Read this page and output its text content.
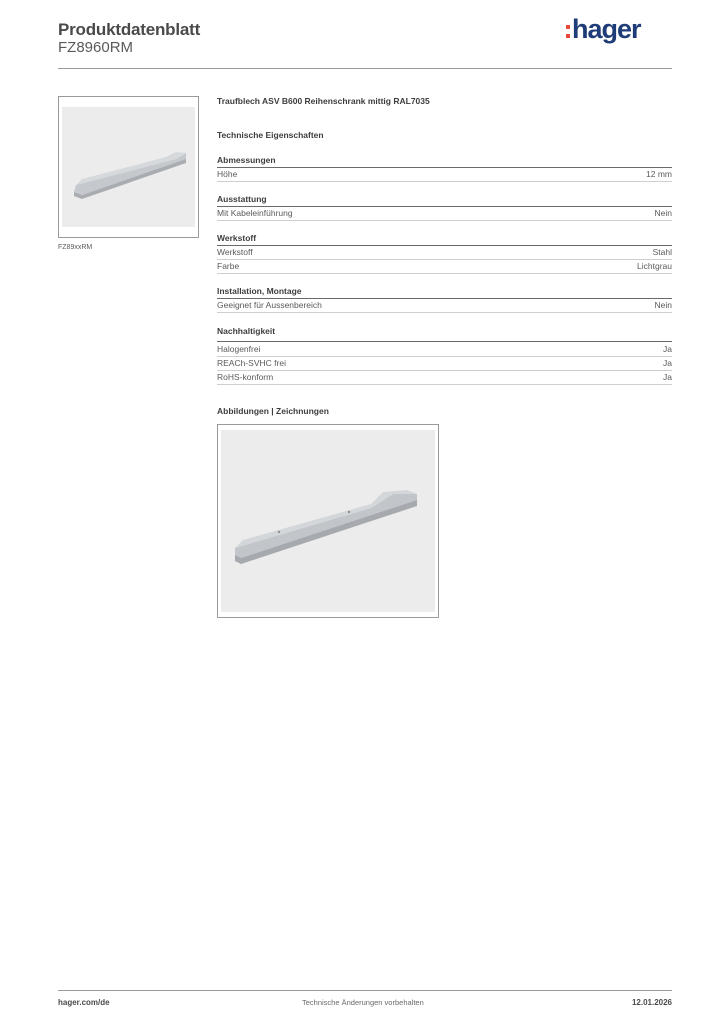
Produktdatenblatt
FZ8960RM
hager
FZ89xxRM
Traufblech ASV B600 Reihenschrank mittig RAL7035
Technische Eigenschaften
Abmessungen
Höhe	12 mm
Ausstattung
Mit Kabeleinführung	Nein
Werkstoff
Werkstoff	Stahl
Farbe	Lichtgrau
Installation, Montage
Geeignet für Aussenbereich	Nein
Nachhaltigkeit
Halogenfrei	Ja
REACh-SVHC frei	Ja
RoHS-konform	Ja
Abbildungen | Zeichnungen
hager.com/de	Technische Änderungen vorbehalten	12.01.2026
